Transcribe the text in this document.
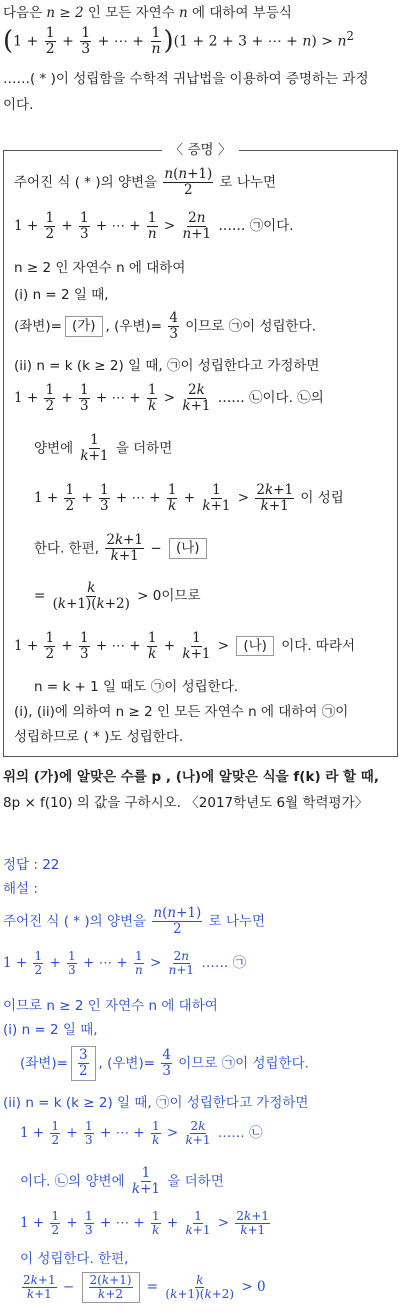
다음은 n ≥ 2 인 모든 자연수 n 에 대하여 부등식
($1 + \frac{1}{2} + \frac{1}{3}$ + ⋯ + $\frac{1}{n} )(1 + 2 + 3$ + ⋯ + $n) > n^2$
……( * )이 성립함을 수학적 귀납법을 이용하여 증명하는 과정
이다.
〈 증명 〉
주어진 식 ( * )의 양변을 $\frac{n(n+1)}{2}$ 로 나누면
$1 + \frac{1}{2} + \frac{1}{3}$ + ⋯ + $\frac{1}{n} > \frac{2n}{n+1}$ …… ㉠이다.
n ≥ 2 인 자연수 n 에 대하여
(i) n = 2 일 때,
(좌변)= (가) , (우변)= $\frac{4}{3}$ 이므로 ㉠이 성립한다.
(ii) n = k (k ≥ 2) 일 때, ㉠이 성립한다고 가정하면
$1 + \frac{1}{2} + \frac{1}{3}$ + ⋯ + $\frac{1}{k} > \frac{2k}{k+1}$ …… ㉡이다. ㉡의
양변에 $\frac{1}{k+1}$ 을 더하면
$1 + \frac{1}{2} + \frac{1}{3}$ + ⋯ + $\frac{1}{k} + \frac{1}{k+1} > \frac{2k+1}{k+1}$ 이 성립
한다. 한편, $\frac{2k+1}{k+1}$ − (나)
= $\frac{k}{(k+1)(k+2)} > 0$이므로
$1 + \frac{1}{2} + \frac{1}{3}$ + ⋯ + $\frac{1}{k} + \frac{1}{k+1}$ > (나) 이다. 따라서
n = k + 1 일 때도 ㉠이 성립한다.
(i), (ii)에 의하여 n ≥ 2 인 모든 자연수 n 에 대하여 ㉠이
성립하므로 ( * )도 성립한다.
위의 (가)에 알맞은 수를 p , (나)에 알맞은 식을 f(k) 라 할 때,
8p × f(10) 의 값을 구하시오. 〈2017학년도 6월 학력평가〉
정답 : 22
해설 :
주어진 식 ( * )의 양변을 $\frac{n(n+1)}{2}$ 로 나누면
$1 + \frac{1}{2} + \frac{1}{3}$ + ⋯ + $\frac{1}{n} > \frac{2n}{n+1}$ …… ㉠
이므로 n ≥ 2 인 자연수 n 에 대하여
(i) n = 2 일 때,
(좌변)= $\frac{3}{2}$ , (우변)= $\frac{4}{3}$ 이므로 ㉠이 성립한다.
(ii) n = k (k ≥ 2) 일 때, ㉠이 성립한다고 가정하면
$1 + \frac{1}{2} + \frac{1}{3}$ + ⋯ + $\frac{1}{k} > \frac{2k}{k+1}$ …… ㉡
이다. ㉡의 양변에 $\frac{1}{k+1}$ 을 더하면
$1 + \frac{1}{2} + \frac{1}{3}$ + ⋯ + $\frac{1}{k} + \frac{1}{k+1} > \frac{2k+1}{k+1}$
이 성립한다. 한편,
$\frac{2k+1}{k+1} - \frac{2(k+1)}{k+2} = \frac{k}{(k+1)(k+2)} > 0$
